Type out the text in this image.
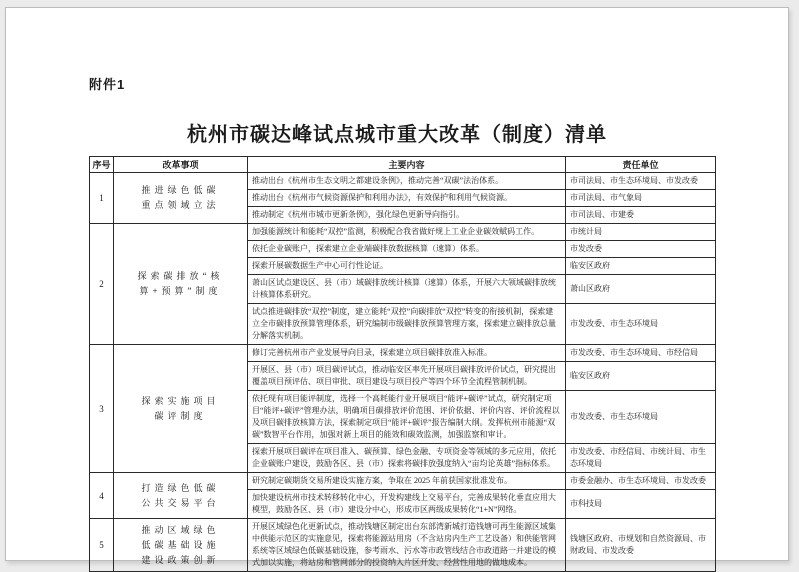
附件1
杭州市碳达峰试点城市重大改革（制度）清单
序号	改革事项	主要内容	责任单位
1	推进绿色低碳重点领域立法	推动出台《杭州市生态文明之都建设条例》，推动完善“双碳”法治体系。	市司法局、市生态环境局、市发改委
		推动出台《杭州市气候资源保护和利用办法》，有效保护和利用气候资源。	市司法局、市气象局
		推动制定《杭州市城市更新条例》，强化绿色更新导向指引。	市司法局、市建委
2	探索碳排放“核算+预算”制度	加强能源统计和能耗“双控”监测，积极配合我省做好规上工业企业碳效赋码工作。	市统计局
		依托企业碳账户，探索建立企业端碳排放数据核算（速算）体系。	市发改委
		探索开展碳数据生产中心可行性论证。	临安区政府
		萧山区试点建设区、县（市）域碳排放统计核算（速算）体系，开展六大领域碳排放统计核算体系研究。	萧山区政府
		试点推进碳排放“双控”制度，建立能耗“双控”向碳排放“双控”转变的衔接机制，探索建立全市碳排放预算管理体系，研究编制市级碳排放预算管理方案，探索建立碳排放总量分解落实机制。	市发改委、市生态环境局
3	探索实施项目碳评制度	修订完善杭州市产业发展导向目录，探索建立项目碳排放准入标准。	市发改委、市生态环境局、市经信局
		开展区、县（市）项目碳评试点，推动临安区率先开展项目碳排放评价试点，研究提出覆盖项目预评估、项目审批、项目建设与项目投产等四个环节全流程管制机制。	临安区政府
		依托现有项目能评制度，选择一个高耗能行业开展项目“能评+碳评”试点，研究制定项目“能评+碳评”管理办法，明确项目碳排放评价范围、评价依据、评价内容、评价流程以及项目碳排放核算方法，探索制定项目“能评+碳评”报告编制大纲。发挥杭州市能源“双碳”数智平台作用，加强对新上项目的能效和碳效监测，加强监察和审计。	市发改委、市生态环境局
		探索开展项目碳评在项目准入、碳预算、绿色金融、专项资金等领域的多元应用，依托企业碳账户建设，鼓励各区、县（市）探索将碳排放强度纳入“亩均论英雄”指标体系。	市发改委、市经信局、市统计局、市生态环境局
4	打造绿色低碳公共交易平台	研究制定碳期货交易所建设实施方案，争取在 2025 年前获国家批准发布。	市委金融办、市生态环境局、市发改委
		加快建设杭州市技术转移转化中心，开发构建线上交易平台，完善成果转化垂直应用大模型，鼓励各区、县（市）建设分中心，形成市区两级成果转化“1+N”网络。	市科技局
5	推动区域绿色低碳基础设施建设政策创新	开展区域绿色化更新试点，推动钱塘区制定出台东部湾新城打造钱塘可再生能源区域集中供能示范区的实施意见，探索将能源站用房（不含站房内生产工艺设备）和供能管网系统等区域绿色低碳基础设施，参考雨水、污水等市政管线结合市政道路一并建设的模式加以实施，将站房和管网部分的投资纳入片区开发、经营性用地的做地成本。	钱塘区政府、市规划和自然资源局、市财政局、市发改委
